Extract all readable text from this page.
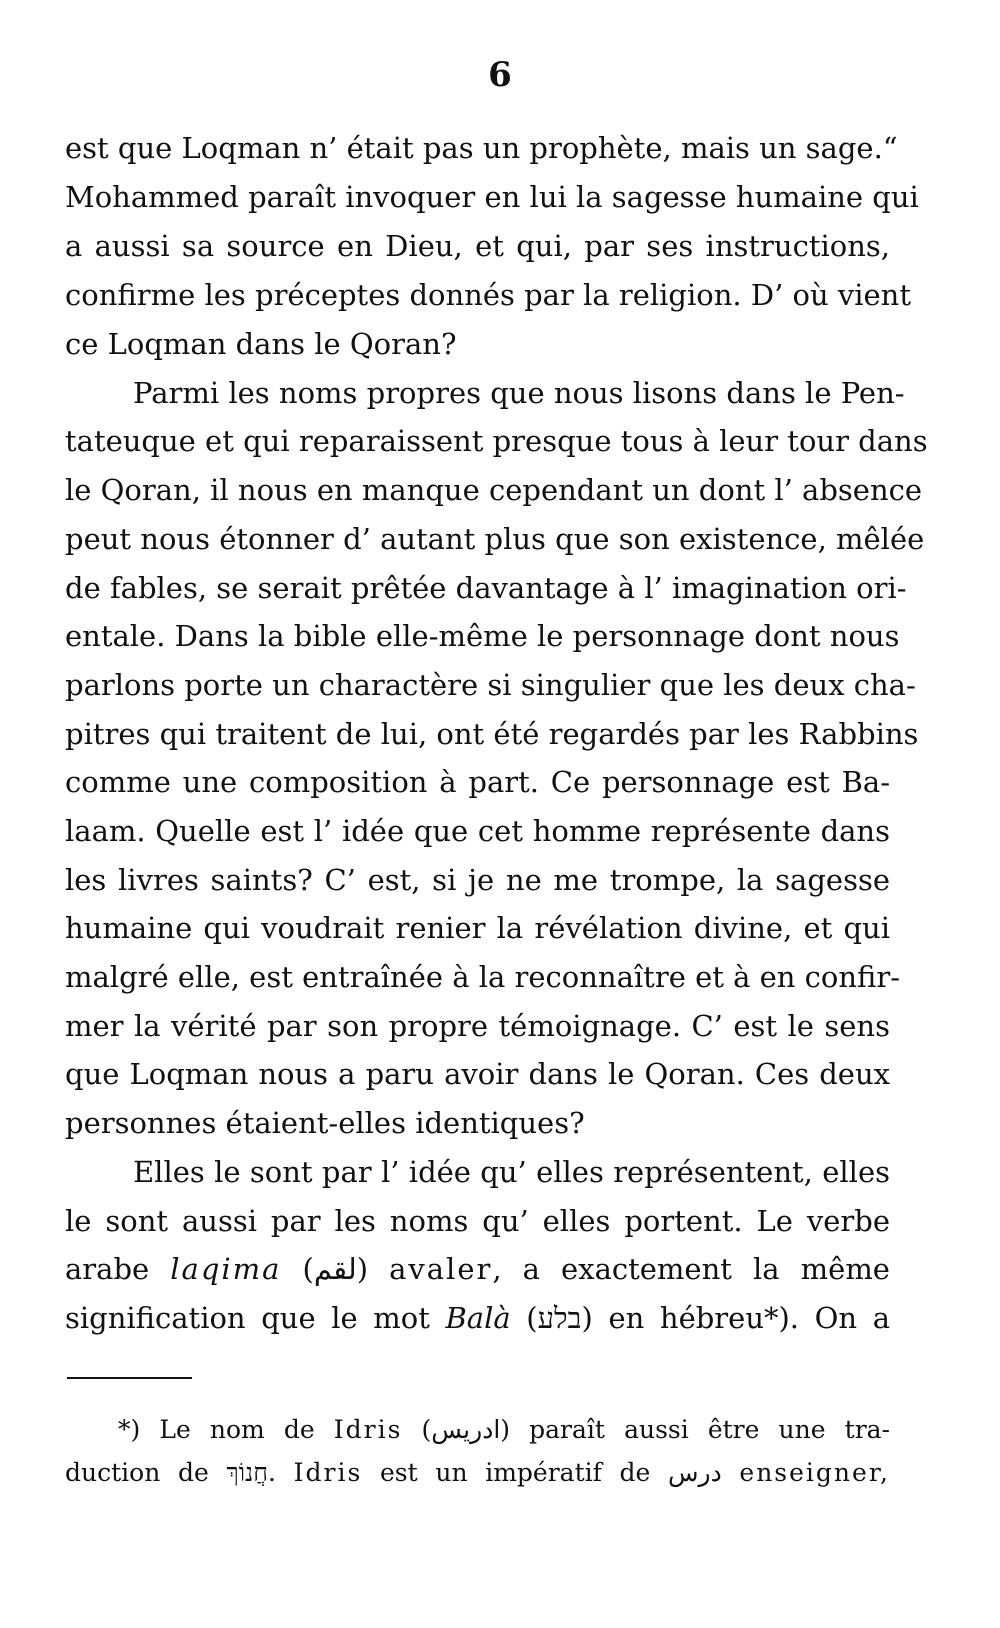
6
est que Loqman n’ était pas un prophète, mais un sage.“
Mohammed paraît invoquer en lui la sagesse humaine qui
a aussi sa source en Dieu, et qui, par ses instructions,
confirme les préceptes donnés par la religion. D’ où vient
ce Loqman dans le Qoran?
Parmi les noms propres que nous lisons dans le Pen-
tateuque et qui reparaissent presque tous à leur tour dans
le Qoran, il nous en manque cependant un dont l’ absence
peut nous étonner d’ autant plus que son existence, mêlée
de fables, se serait prêtée davantage à l’ imagination ori-
entale. Dans la bible elle-même le personnage dont nous
parlons porte un charactère si singulier que les deux cha-
pitres qui traitent de lui, ont été regardés par les Rabbins
comme une composition à part. Ce personnage est Ba-
laam. Quelle est l’ idée que cet homme représente dans
les livres saints? C’ est, si je ne me trompe, la sagesse
humaine qui voudrait renier la révélation divine, et qui
malgré elle, est entraînée à la reconnaître et à en confir-
mer la vérité par son propre témoignage. C’ est le sens
que Loqman nous a paru avoir dans le Qoran. Ces deux
personnes étaient-elles identiques?
Elles le sont par l’ idée qu’ elles représentent, elles
le sont aussi par les noms qu’ elles portent. Le verbe
arabe laqima (لقم) avaler, a exactement la même
signification que le mot Balà (בלע) en hébreu*). On a
*) Le nom de Idris (ادريس) paraît aussi être une tra-
duction de חֲנוֹךְ. Idris est un impératif de درس enseigner,
